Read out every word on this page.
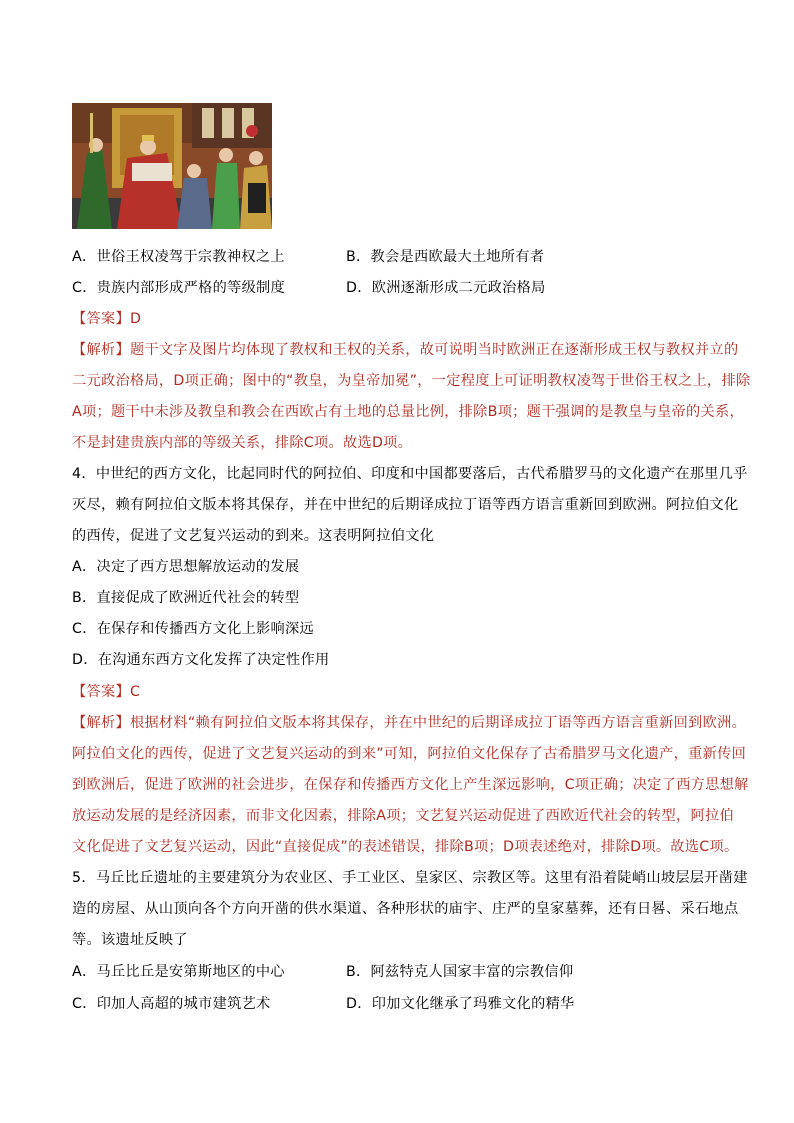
A．世俗王权凌驾于宗教神权之上	B．教会是西欧最大土地所有者
C．贵族内部形成严格的等级制度	D．欧洲逐渐形成二元政治格局
【答案】D
【解析】题干文字及图片均体现了教权和王权的关系，故可说明当时欧洲正在逐渐形成王权与教权并立的
二元政治格局，D项正确；图中的“教皇，为皇帝加冕”，一定程度上可证明教权凌驾于世俗王权之上，排除
A项；题干中未涉及教皇和教会在西欧占有土地的总量比例，排除B项；题干强调的是教皇与皇帝的关系，
不是封建贵族内部的等级关系，排除C项。故选D项。
4．中世纪的西方文化，比起同时代的阿拉伯、印度和中国都要落后，古代希腊罗马的文化遗产在那里几乎
灭尽，赖有阿拉伯文版本将其保存，并在中世纪的后期译成拉丁语等西方语言重新回到欧洲。阿拉伯文化
的西传，促进了文艺复兴运动的到来。这表明阿拉伯文化
A．决定了西方思想解放运动的发展
B．直接促成了欧洲近代社会的转型
C．在保存和传播西方文化上影响深远
D．在沟通东西方文化发挥了决定性作用
【答案】C
【解析】根据材料“赖有阿拉伯文版本将其保存，并在中世纪的后期译成拉丁语等西方语言重新回到欧洲。
阿拉伯文化的西传，促进了文艺复兴运动的到来”可知，阿拉伯文化保存了古希腊罗马文化遗产，重新传回
到欧洲后，促进了欧洲的社会进步，在保存和传播西方文化上产生深远影响，C项正确；决定了西方思想解
放运动发展的是经济因素，而非文化因素，排除A项；文艺复兴运动促进了西欧近代社会的转型，阿拉伯
文化促进了文艺复兴运动，因此“直接促成”的表述错误，排除B项；D项表述绝对，排除D项。故选C项。
5．马丘比丘遗址的主要建筑分为农业区、手工业区、皇家区、宗教区等。这里有沿着陡峭山坡层层开凿建
造的房屋、从山顶向各个方向开凿的供水渠道、各种形状的庙宇、庄严的皇家墓葬，还有日晷、采石地点
等。该遗址反映了
A．马丘比丘是安第斯地区的中心	B．阿兹特克人国家丰富的宗教信仰
C．印加人高超的城市建筑艺术	D．印加文化继承了玛雅文化的精华
